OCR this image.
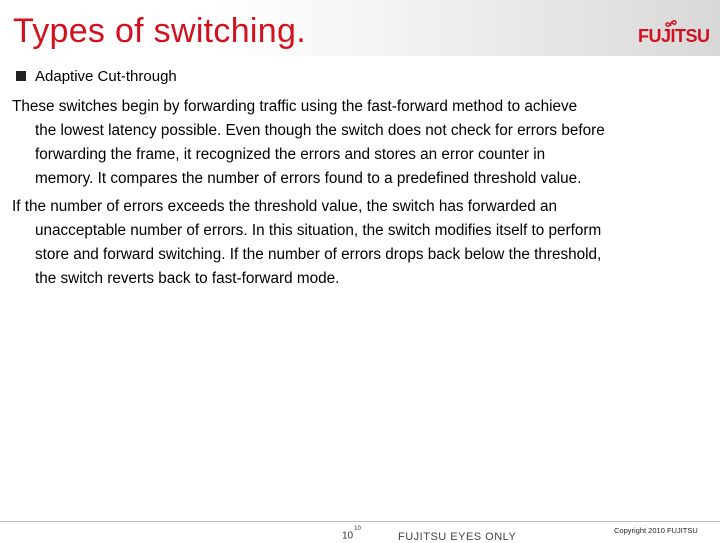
Types of switching.	FUJITSU
Adaptive Cut-through
These switches begin by forwarding traffic using the fast-forward method to achieve
the lowest latency possible. Even though the switch does not check for errors before
forwarding the frame, it recognized the errors and stores an error counter in
memory. It compares the number of errors found to a predefined threshold value.
If the number of errors exceeds the threshold value, the switch has forwarded an
unacceptable number of errors. In this situation, the switch modifies itself to perform
store and forward switching. If the number of errors drops back below the threshold,
the switch reverts back to fast-forward mode.
$10^{10}$
FUJITSU EYES ONLY
Copyright 2010 FUJITSU
